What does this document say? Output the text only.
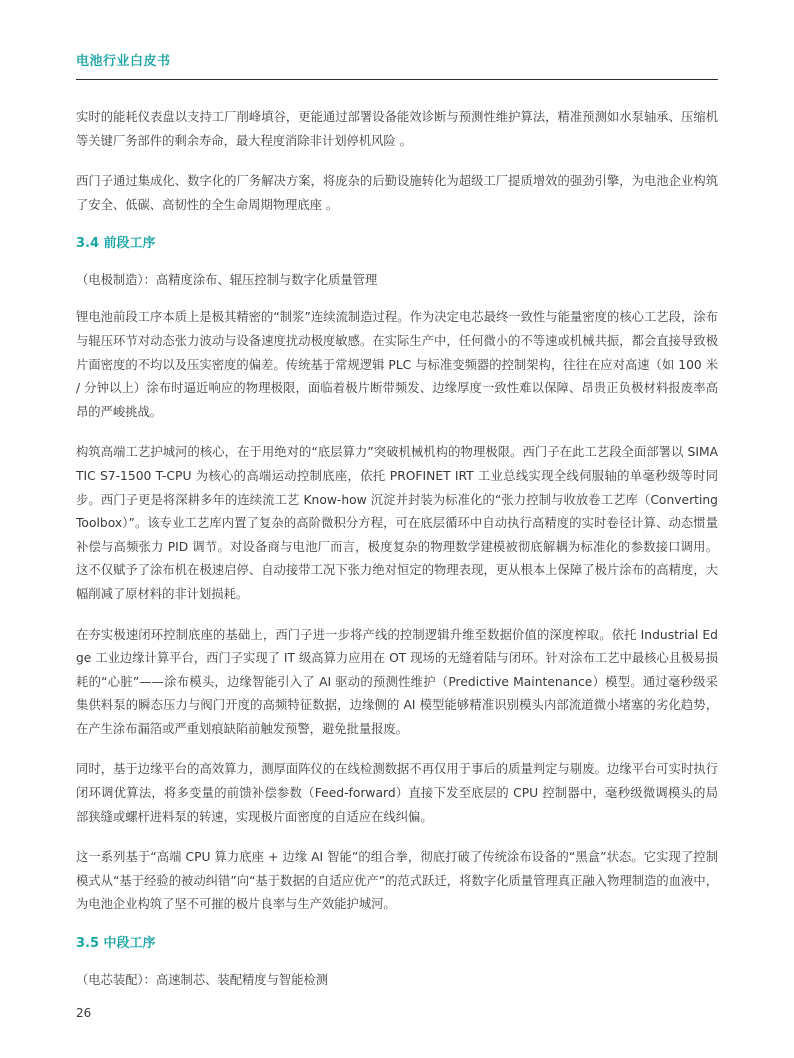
电池行业白皮书

实时的能耗仪表盘以支持工厂削峰填谷，更能通过部署设备能效诊断与预测性维护算法，精准预测如水泵轴承、压缩机等关键厂务部件的剩余寿命，最大程度消除非计划停机风险 。

西门子通过集成化、数字化的厂务解决方案，将庞杂的后勤设施转化为超级工厂提质增效的强劲引擎，为电池企业构筑了安全、低碳、高韧性的全生命周期物理底座 。

3.4 前段工序

（电极制造）：高精度涂布、辊压控制与数字化质量管理

锂电池前段工序本质上是极其精密的“制浆”连续流制造过程。作为决定电芯最终一致性与能量密度的核心工艺段，涂布与辊压环节对动态张力波动与设备速度扰动极度敏感。在实际生产中，任何微小的不等速或机械共振，都会直接导致极片面密度的不均以及压实密度的偏差。传统基于常规逻辑 PLC 与标准变频器的控制架构，往往在应对高速（如 100 米 / 分钟以上）涂布时逼近响应的物理极限，面临着极片断带频发、边缘厚度一致性难以保障、昂贵正负极材料报废率高昂的严峻挑战。

构筑高端工艺护城河的核心，在于用绝对的“底层算力”突破机械机构的物理极限。西门子在此工艺段全面部署以 SIMATIC S7-1500 T-CPU 为核心的高端运动控制底座，依托 PROFINET IRT 工业总线实现全线伺服轴的单毫秒级等时同步。西门子更是将深耕多年的连续流工艺 Know-how 沉淀并封装为标准化的“张力控制与收放卷工艺库（Converting Toolbox）”。该专业工艺库内置了复杂的高阶微积分方程，可在底层循环中自动执行高精度的实时卷径计算、动态惯量补偿与高频张力 PID 调节。对设备商与电池厂而言，极度复杂的物理数学建模被彻底解耦为标准化的参数接口调用。这不仅赋予了涂布机在极速启停、自动接带工况下张力绝对恒定的物理表现，更从根本上保障了极片涂布的高精度，大幅削减了原材料的非计划损耗。

在夯实极速闭环控制底座的基础上，西门子进一步将产线的控制逻辑升维至数据价值的深度榨取。依托 Industrial Edge 工业边缘计算平台，西门子实现了 IT 级高算力应用在 OT 现场的无缝着陆与闭环。针对涂布工艺中最核心且极易损耗的“心脏”——涂布模头，边缘智能引入了 AI 驱动的预测性维护（Predictive Maintenance）模型。通过毫秒级采集供料泵的瞬态压力与阀门开度的高频特征数据，边缘侧的 AI 模型能够精准识别模头内部流道微小堵塞的劣化趋势，在产生涂布漏箔或严重划痕缺陷前触发预警，避免批量报废。

同时，基于边缘平台的高效算力，测厚面阵仪的在线检测数据不再仅用于事后的质量判定与剔废。边缘平台可实时执行闭环调优算法，将多变量的前馈补偿参数（Feed-forward）直接下发至底层的 CPU 控制器中，毫秒级微调模头的局部狭缝或螺杆进料泵的转速，实现极片面密度的自适应在线纠偏。

这一系列基于“高端 CPU 算力底座 + 边缘 AI 智能”的组合拳，彻底打破了传统涂布设备的“黑盒”状态。它实现了控制模式从“基于经验的被动纠错”向“基于数据的自适应优产”的范式跃迁，将数字化质量管理真正融入物理制造的血液中，为电池企业构筑了坚不可摧的极片良率与生产效能护城河。

3.5 中段工序

（电芯装配）：高速制芯、装配精度与智能检测

26
